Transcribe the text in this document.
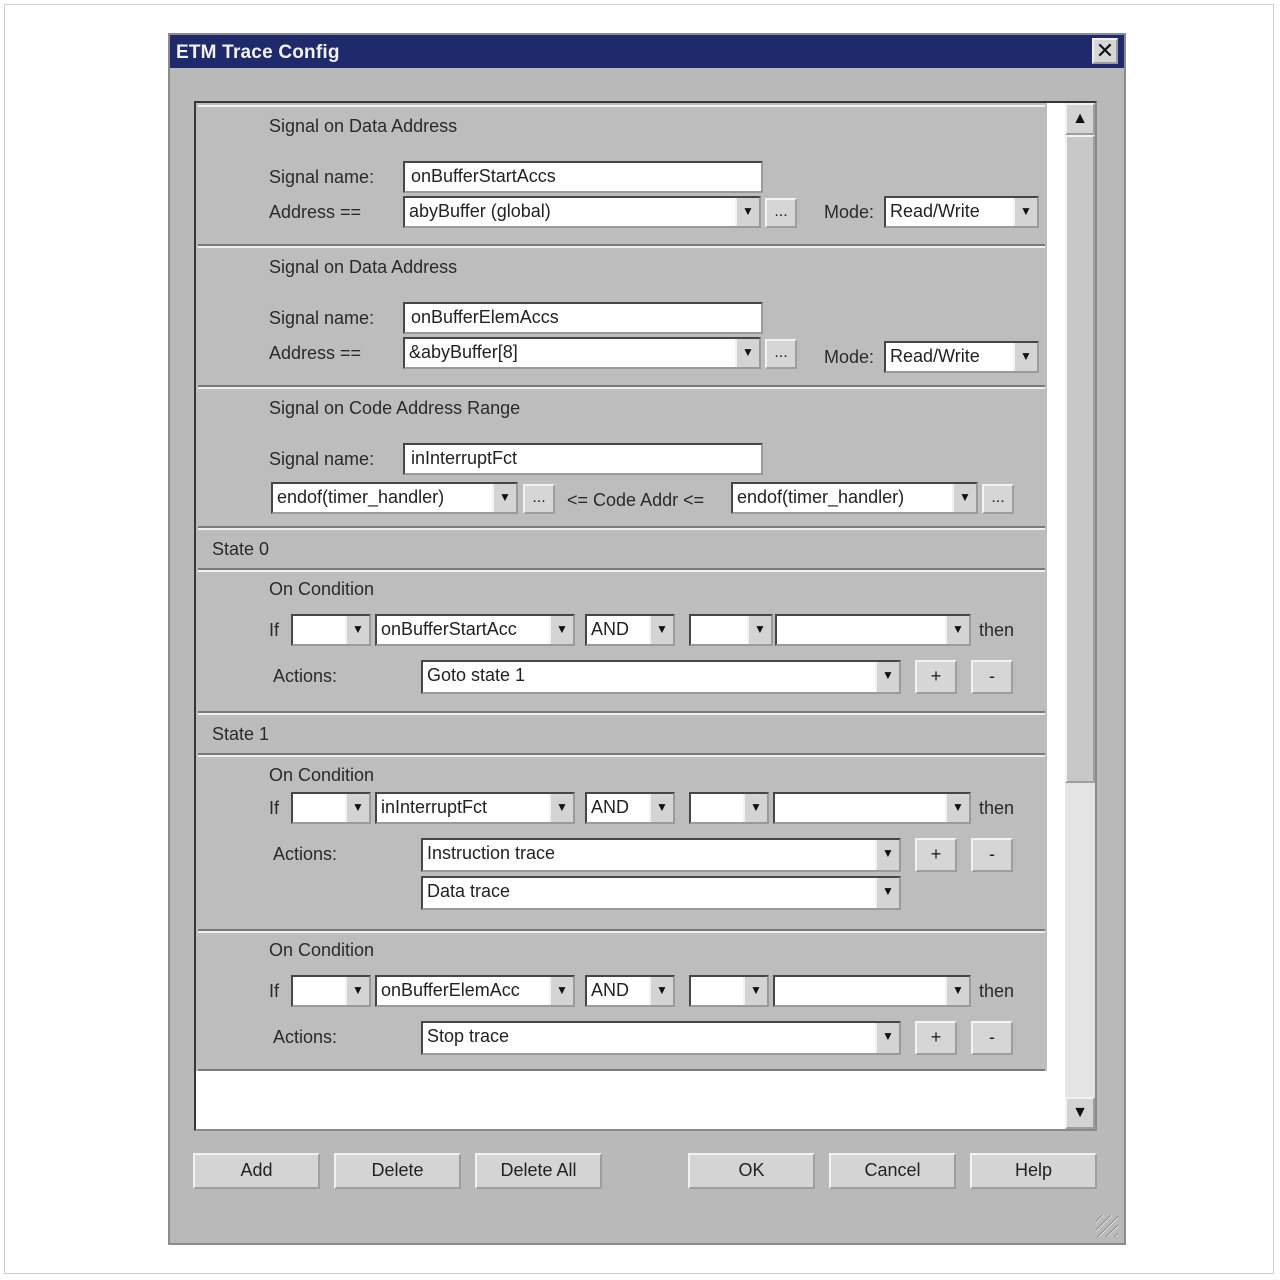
ETM Trace Config	✕
Signal on Data Address
Signal name:	onBufferStartAccs
Address ==	abyBuffer (global)	▼	...	Mode: Read/Write	▼
Signal on Data Address
Signal name:	onBufferElemAccs
Address ==	&abyBuffer[8]	▼	...	Mode: Read/Write	▼
Signal on Code Address Range
Signal name:	inInterruptFct
endof(timer_handler)	▼	...	<= Code Addr <= endof(timer_handler)	▼	...
State 0
On Condition
If	▼ onBufferStartAcc	▼ AND	▼	▼	▼ then
Actions:	Goto state 1	▼	+	-
State 1
On Condition
If	▼ inInterruptFct	▼ AND	▼	▼	▼ then
Actions:	Instruction trace	▼	+	-
Data trace	▼
On Condition
If	▼ onBufferElemAcc	▼ AND	▼	▼	▼ then
Actions:	Stop trace	▼	+	-
▲
▼
Add	Delete	Delete All	OK	Cancel	Help
